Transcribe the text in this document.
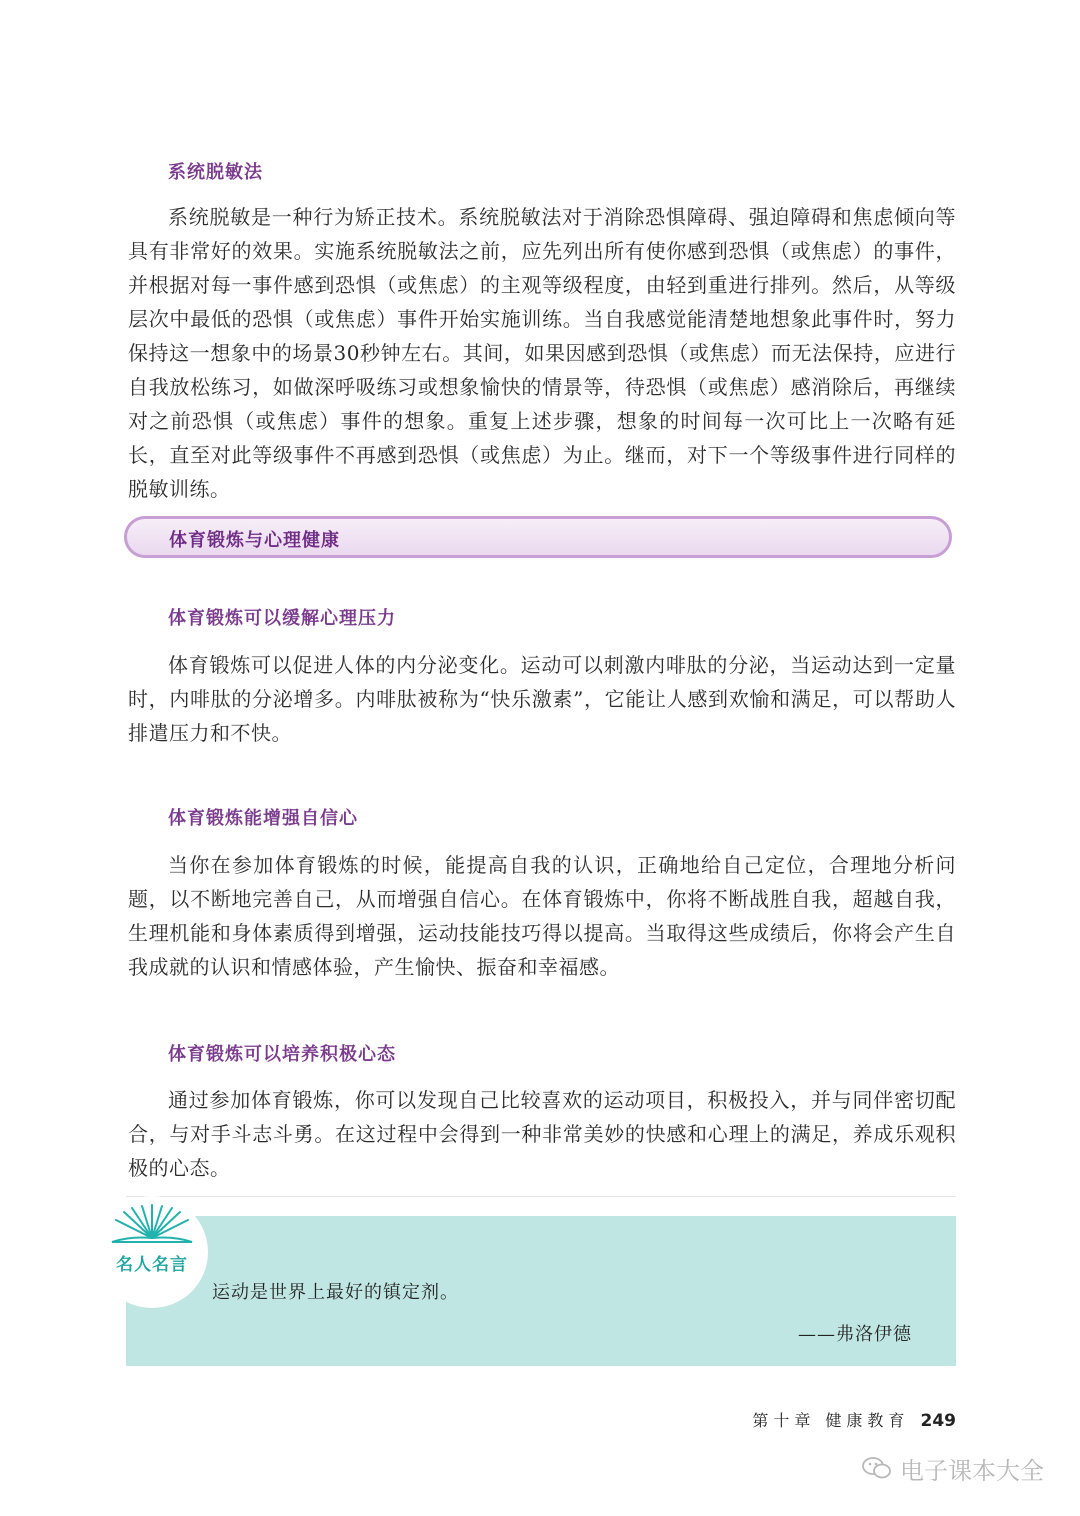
系统脱敏法

系统脱敏是一种行为矫正技术。系统脱敏法对于消除恐惧障碍、强迫障碍和焦虑倾向等具有非常好的效果。实施系统脱敏法之前，应先列出所有使你感到恐惧（或焦虑）的事件，并根据对每一事件感到恐惧（或焦虑）的主观等级程度，由轻到重进行排列。然后，从等级层次中最低的恐惧（或焦虑）事件开始实施训练。当自我感觉能清楚地想象此事件时，努力保持这一想象中的场景30秒钟左右。其间，如果因感到恐惧（或焦虑）而无法保持，应进行自我放松练习，如做深呼吸练习或想象愉快的情景等，待恐惧（或焦虑）感消除后，再继续对之前恐惧（或焦虑）事件的想象。重复上述步骤，想象的时间每一次可比上一次略有延长，直至对此等级事件不再感到恐惧（或焦虑）为止。继而，对下一个等级事件进行同样的脱敏训练。

体育锻炼与心理健康
体育锻炼可以缓解心理压力

体育锻炼可以促进人体的内分泌变化。运动可以刺激内啡肽的分泌，当运动达到一定量时，内啡肽的分泌增多。内啡肽被称为“快乐激素”，它能让人感到欢愉和满足，可以帮助人排遣压力和不快。

体育锻炼能增强自信心

当你在参加体育锻炼的时候，能提高自我的认识，正确地给自己定位，合理地分析问题，以不断地完善自己，从而增强自信心。在体育锻炼中，你将不断战胜自我，超越自我，生理机能和身体素质得到增强，运动技能技巧得以提高。当取得这些成绩后，你将会产生自我成就的认识和情感体验，产生愉快、振奋和幸福感。

体育锻炼可以培养积极心态

通过参加体育锻炼，你可以发现自己比较喜欢的运动项目，积极投入，并与同伴密切配合，与对手斗志斗勇。在这过程中会得到一种非常美妙的快感和心理上的满足，养成乐观积极的心态。

名人名言

运动是世界上最好的镇定剂。

——弗洛伊德

第十章 健康教育 249
电子课本大全
